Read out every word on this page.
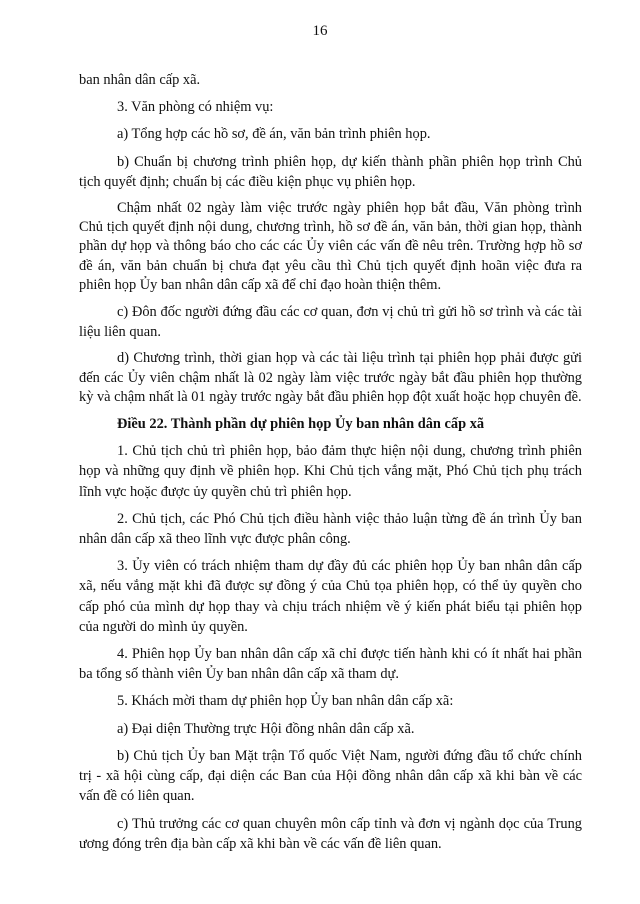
16

ban nhân dân cấp xã.

3. Văn phòng có nhiệm vụ:

a) Tổng hợp các hồ sơ, đề án, văn bản trình phiên họp.

b) Chuẩn bị chương trình phiên họp, dự kiến thành phần phiên họp trình Chủ tịch quyết định; chuẩn bị các điều kiện phục vụ phiên họp.

Chậm nhất 02 ngày làm việc trước ngày phiên họp bắt đầu, Văn phòng trình Chủ tịch quyết định nội dung, chương trình, hồ sơ đề án, văn bản, thời gian họp, thành phần dự họp và thông báo cho các các Ủy viên các vấn đề nêu trên. Trường hợp hồ sơ đề án, văn bản chuẩn bị chưa đạt yêu cầu thì Chủ tịch quyết định hoãn việc đưa ra phiên họp Ủy ban nhân dân cấp xã để chỉ đạo hoàn thiện thêm.

c) Đôn đốc người đứng đầu các cơ quan, đơn vị chủ trì gửi hồ sơ trình và các tài liệu liên quan.

d) Chương trình, thời gian họp và các tài liệu trình tại phiên họp phải được gửi đến các Ủy viên chậm nhất là 02 ngày làm việc trước ngày bắt đầu phiên họp thường kỳ và chậm nhất là 01 ngày trước ngày bắt đầu phiên họp đột xuất hoặc họp chuyên đề.

Điều 22. Thành phần dự phiên họp Ủy ban nhân dân cấp xã

1. Chủ tịch chủ trì phiên họp, bảo đảm thực hiện nội dung, chương trình phiên họp và những quy định về phiên họp. Khi Chủ tịch vắng mặt, Phó Chủ tịch phụ trách lĩnh vực hoặc được ủy quyền chủ trì phiên họp.

2. Chủ tịch, các Phó Chủ tịch điều hành việc thảo luận từng đề án trình Ủy ban nhân dân cấp xã theo lĩnh vực được phân công.

3. Ủy viên có trách nhiệm tham dự đầy đủ các phiên họp Ủy ban nhân dân cấp xã, nếu vắng mặt khi đã được sự đồng ý của Chủ tọa phiên họp, có thể ủy quyền cho cấp phó của mình dự họp thay và chịu trách nhiệm về ý kiến phát biểu tại phiên họp của người do mình ủy quyền.

4. Phiên họp Ủy ban nhân dân cấp xã chỉ được tiến hành khi có ít nhất hai phần ba tổng số thành viên Ủy ban nhân dân cấp xã tham dự.

5. Khách mời tham dự phiên họp Ủy ban nhân dân cấp xã:

a) Đại diện Thường trực Hội đồng nhân dân cấp xã.

b) Chủ tịch Ủy ban Mặt trận Tổ quốc Việt Nam, người đứng đầu tổ chức chính trị - xã hội cùng cấp, đại diện các Ban của Hội đồng nhân dân cấp xã khi bàn về các vấn đề có liên quan.

c) Thủ trưởng các cơ quan chuyên môn cấp tỉnh và đơn vị ngành dọc của Trung ương đóng trên địa bàn cấp xã khi bàn về các vấn đề liên quan.
